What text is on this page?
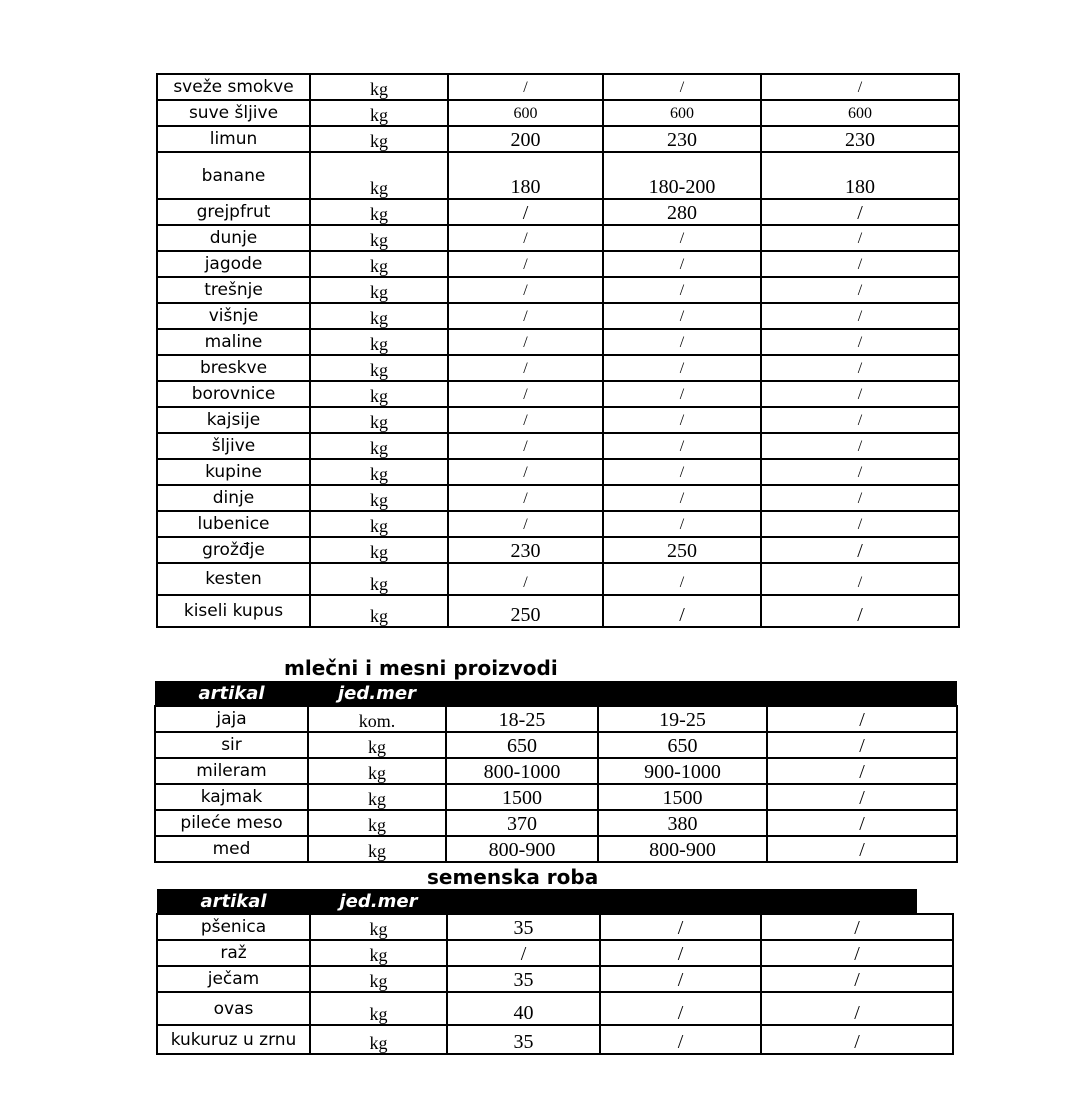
sveže smokve	kg	/	/	/
suve šljive	kg	600	600	600
limun	kg	200	230	230
banane	kg	180	180-200	180
grejpfrut	kg	/	280	/
dunje	kg	/	/	/
jagode	kg	/	/	/
trešnje	kg	/	/	/
višnje	kg	/	/	/
maline	kg	/	/	/
breskve	kg	/	/	/
borovnice	kg	/	/	/
kajsije	kg	/	/	/
šljive	kg	/	/	/
kupine	kg	/	/	/
dinje	kg	/	/	/
lubenice	kg	/	/	/
grožđje	kg	230	250	/
kesten	kg	/	/	/
kiseli kupus	kg	250	/	/
mlečni i mesni proizvodi
artikal	jed.mer			
jaja	kom.	18-25	19-25	/
sir	kg	650	650	/
mileram	kg	800-1000	900-1000	/
kajmak	kg	1500	1500	/
pileće meso	kg	370	380	/
med	kg	800-900	800-900	/
semenska roba
artikal	jed.mer			
pšenica	kg	35	/	/
raž	kg	/	/	/
ječam	kg	35	/	/
ovas	kg	40	/	/
kukuruz u zrnu	kg	35	/	/
